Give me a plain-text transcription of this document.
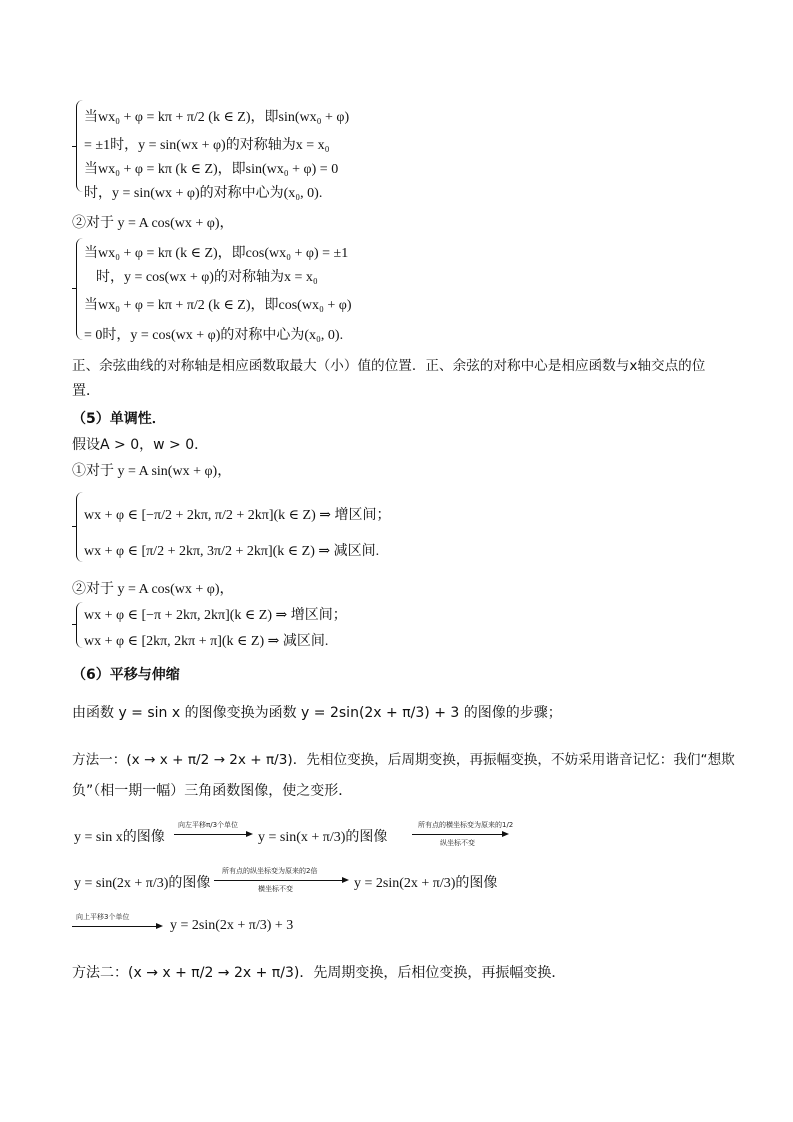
当wx₀ + φ = kπ + π/2 (k ∈ Z)，即sin(wx₀ + φ)
= ±1时，y = sin(wx + φ)的对称轴为x = x₀
当wx₀ + φ = kπ (k ∈ Z)，即sin(wx₀ + φ) = 0
时，y = sin(wx + φ)的对称中心为(x₀, 0).
②对于 y = A cos(wx + φ)，
当wx₀ + φ = kπ (k ∈ Z)，即cos(wx₀ + φ) = ±1
时，y = cos(wx + φ)的对称轴为x = x₀
当wx₀ + φ = kπ + π/2 (k ∈ Z)，即cos(wx₀ + φ)
= 0时，y = cos(wx + φ)的对称中心为(x₀, 0).
正、余弦曲线的对称轴是相应函数取最大（小）值的位置．正、余弦的对称中心是相应函数与x轴交点的位
置．
（5）单调性．
假设A > 0，w > 0．
①对于 y = A sin(wx + φ)，
wx + φ ∈ [−π/2 + 2kπ, π/2 + 2kπ](k ∈ Z) ⇒ 增区间；
wx + φ ∈ [π/2 + 2kπ, 3π/2 + 2kπ](k ∈ Z) ⇒ 减区间.
②对于 y = A cos(wx + φ)，
wx + φ ∈ [−π + 2kπ, 2kπ](k ∈ Z) ⇒ 增区间；
wx + φ ∈ [2kπ, 2kπ + π](k ∈ Z) ⇒ 减区间.
（6）平移与伸缩
由函数 y = sin x 的图像变换为函数 y = 2sin(2x + π/3) + 3 的图像的步骤；
方法一：(x → x + π/2 → 2x + π/3)．先相位变换，后周期变换，再振幅变换，不妨采用谐音记忆：我们“想欺
负”（相一期一幅）三角函数图像，使之变形．
y = sin x的图像
向左平移π/3个单位
y = sin(x + π/3)的图像
所有点的横坐标变为原来的1/2
纵坐标不变
y = sin(2x + π/3)的图像
所有点的纵坐标变为原来的2倍
横坐标不变	y = 2sin(2x + π/3)的图像
向上平移3个单位
y = 2sin(2x + π/3) + 3
方法二：(x → x + π/2 → 2x + π/3)．先周期变换，后相位变换，再振幅变换．
